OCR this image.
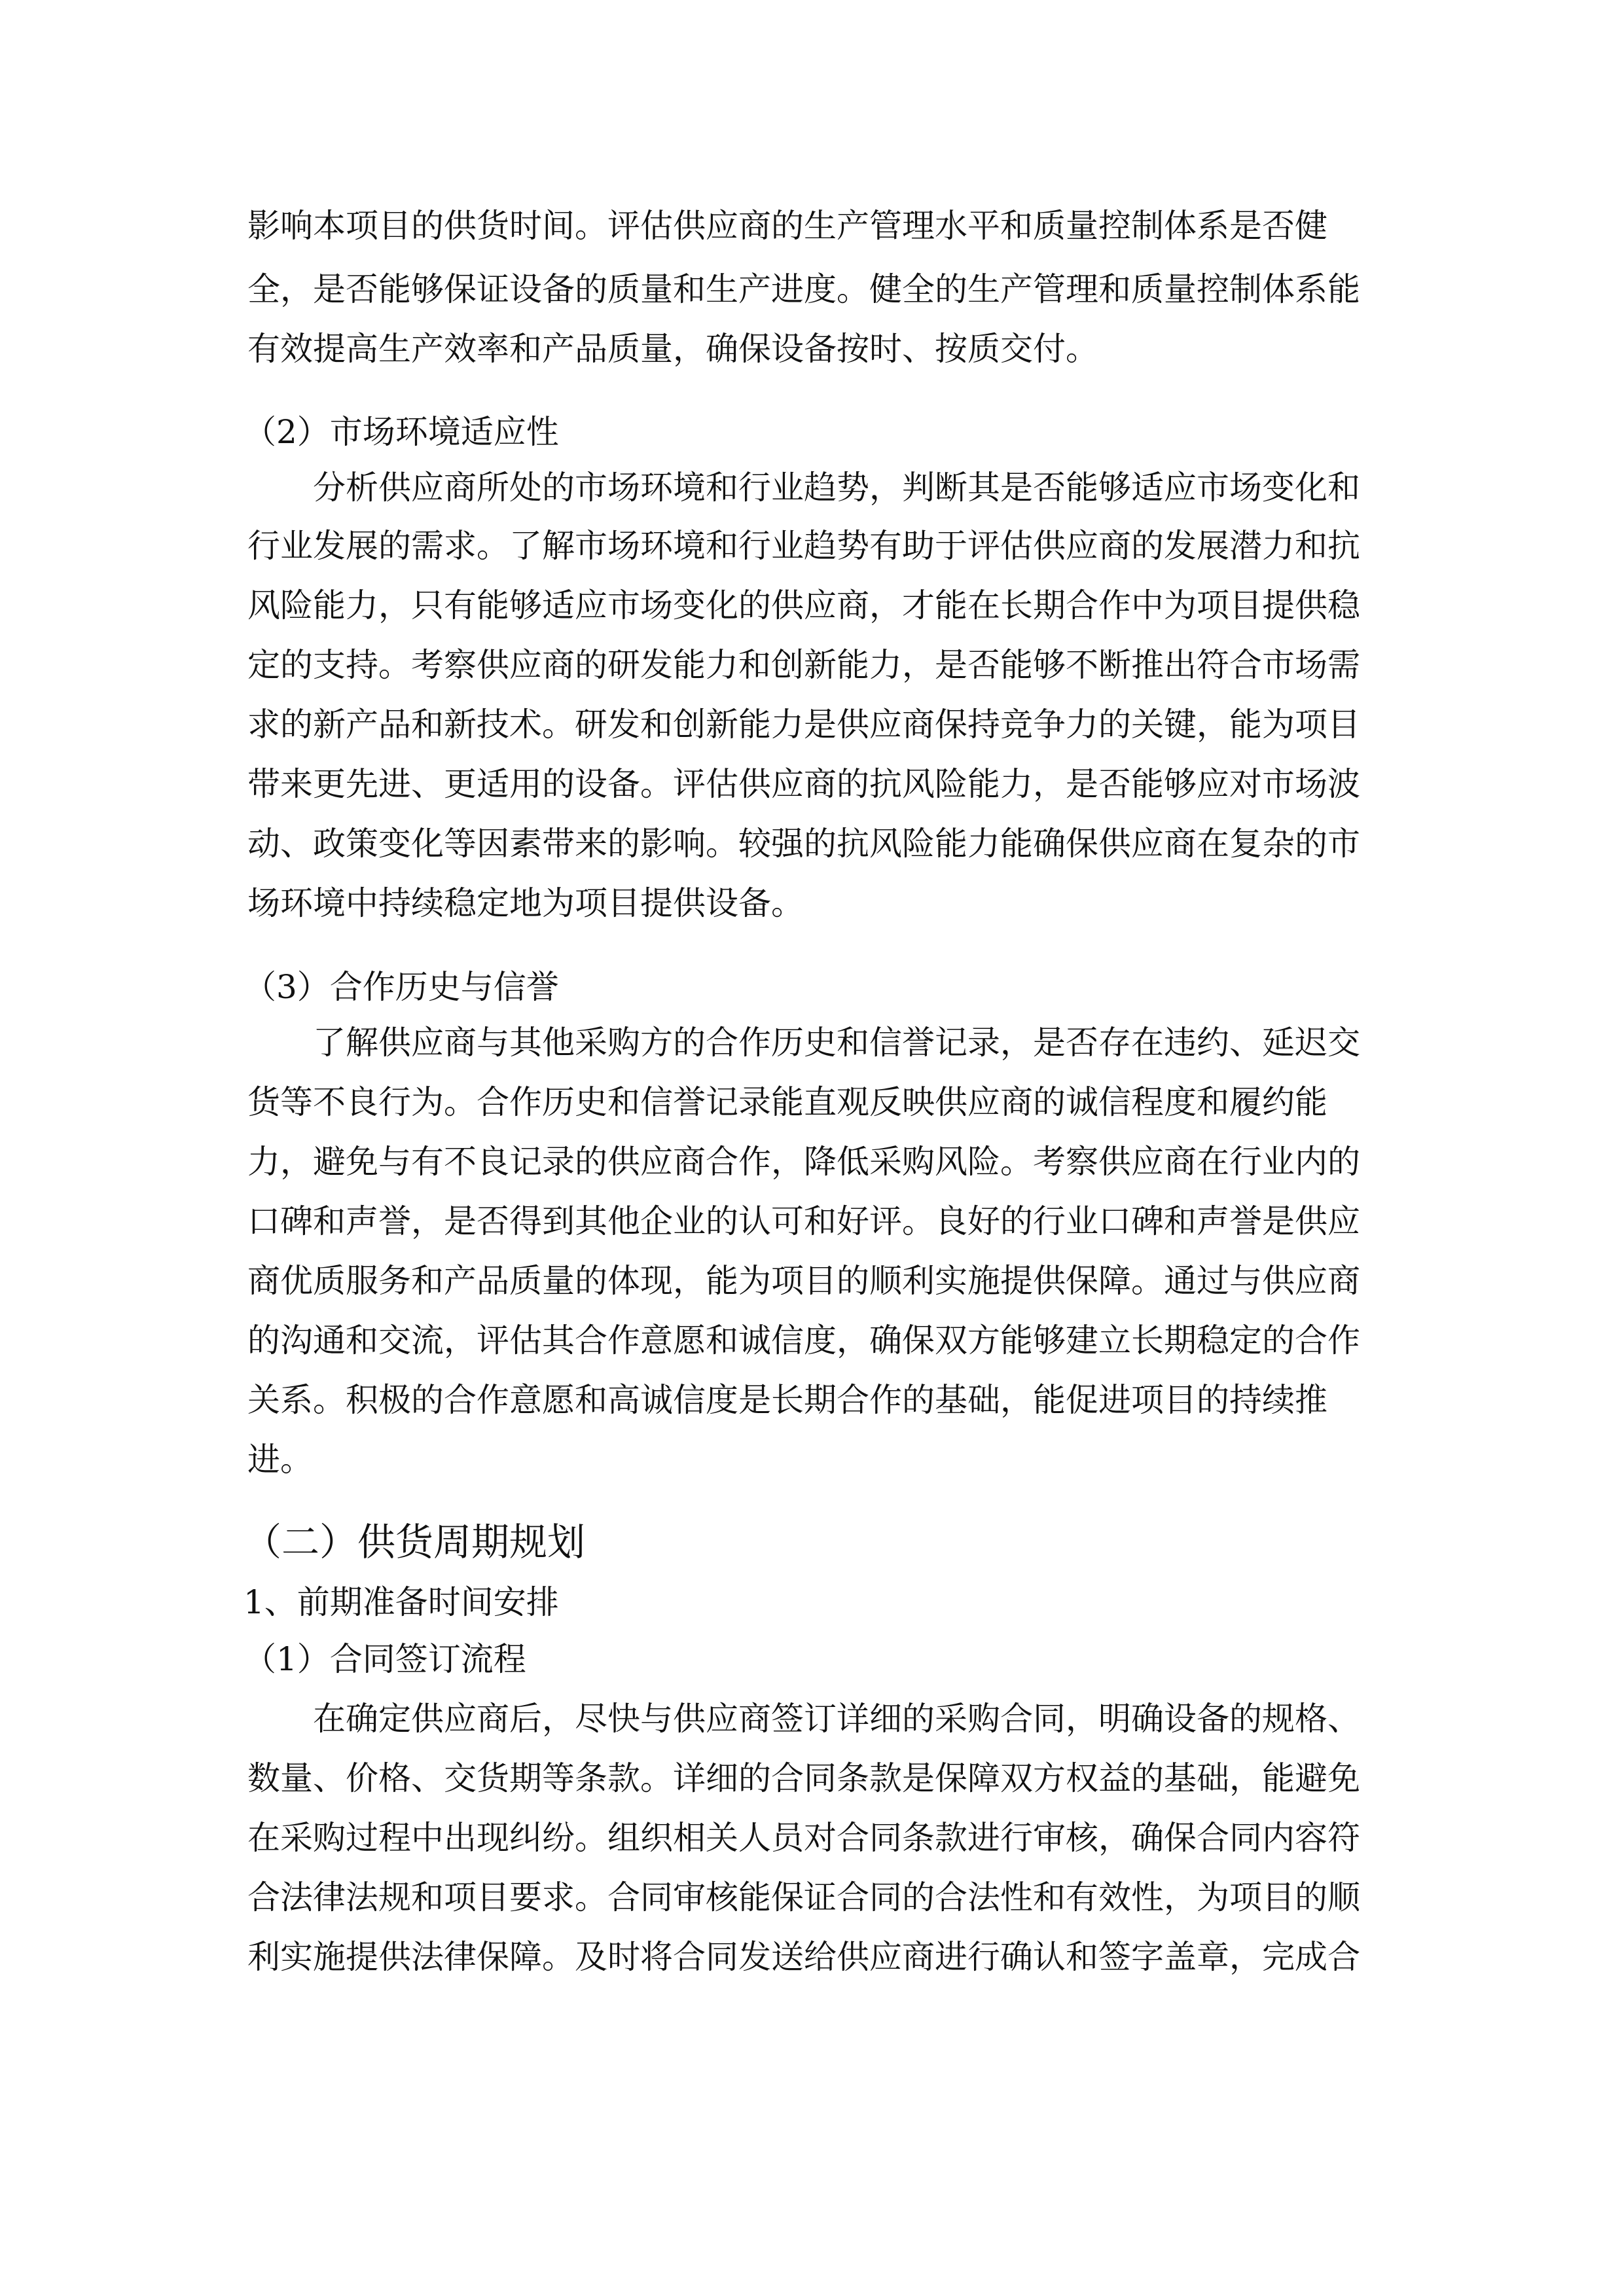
影响本项目的供货时间。评估供应商的生产管理水平和质量控制体系是否健
全，是否能够保证设备的质量和生产进度。健全的生产管理和质量控制体系能
有效提高生产效率和产品质量，确保设备按时、按质交付。
（2）市场环境适应性
分析供应商所处的市场环境和行业趋势，判断其是否能够适应市场变化和
行业发展的需求。了解市场环境和行业趋势有助于评估供应商的发展潜力和抗
风险能力，只有能够适应市场变化的供应商，才能在长期合作中为项目提供稳
定的支持。考察供应商的研发能力和创新能力，是否能够不断推出符合市场需
求的新产品和新技术。研发和创新能力是供应商保持竞争力的关键，能为项目
带来更先进、更适用的设备。评估供应商的抗风险能力，是否能够应对市场波
动、政策变化等因素带来的影响。较强的抗风险能力能确保供应商在复杂的市
场环境中持续稳定地为项目提供设备。
（3）合作历史与信誉
了解供应商与其他采购方的合作历史和信誉记录，是否存在违约、延迟交
货等不良行为。合作历史和信誉记录能直观反映供应商的诚信程度和履约能
力，避免与有不良记录的供应商合作，降低采购风险。考察供应商在行业内的
口碑和声誉，是否得到其他企业的认可和好评。良好的行业口碑和声誉是供应
商优质服务和产品质量的体现，能为项目的顺利实施提供保障。通过与供应商
的沟通和交流，评估其合作意愿和诚信度，确保双方能够建立长期稳定的合作
关系。积极的合作意愿和高诚信度是长期合作的基础，能促进项目的持续推
进。
（二）供货周期规划
1、前期准备时间安排
（1）合同签订流程
在确定供应商后，尽快与供应商签订详细的采购合同，明确设备的规格、
数量、价格、交货期等条款。详细的合同条款是保障双方权益的基础，能避免
在采购过程中出现纠纷。组织相关人员对合同条款进行审核，确保合同内容符
合法律法规和项目要求。合同审核能保证合同的合法性和有效性，为项目的顺
利实施提供法律保障。及时将合同发送给供应商进行确认和签字盖章，完成合
